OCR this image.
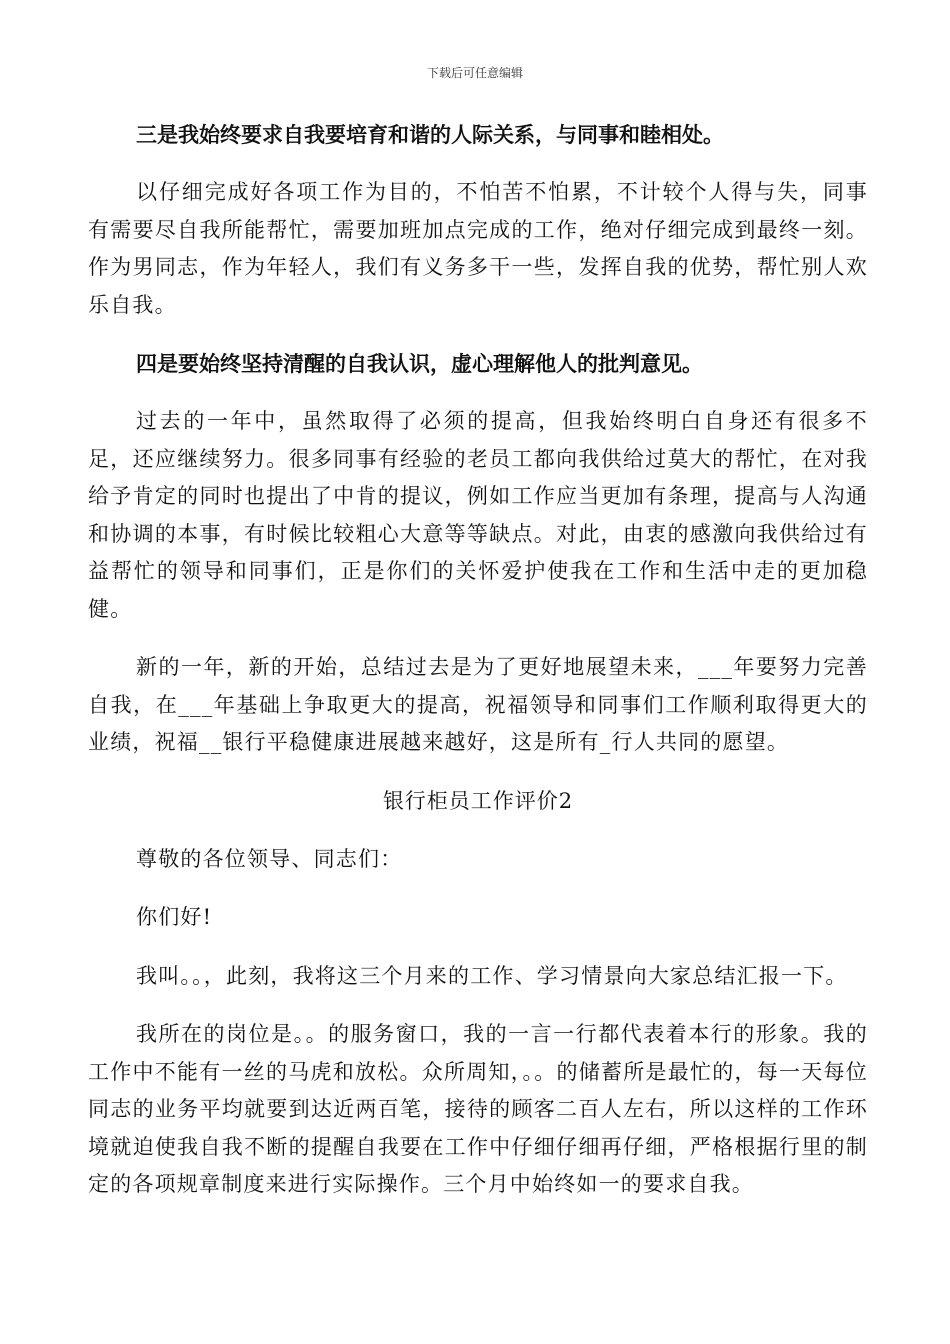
下载后可任意编辑
三是我始终要求自我要培育和谐的人际关系，与同事和睦相处。
以仔细完成好各项工作为目的，不怕苦不怕累，不计较个人得与失，同事有需要尽自我所能帮忙，需要加班加点完成的工作，绝对仔细完成到最终一刻。作为男同志，作为年轻人，我们有义务多干一些，发挥自我的优势，帮忙别人欢乐自我。
四是要始终坚持清醒的自我认识，虚心理解他人的批判意见。
过去的一年中，虽然取得了必须的提高，但我始终明白自身还有很多不足，还应继续努力。很多同事有经验的老员工都向我供给过莫大的帮忙，在对我给予肯定的同时也提出了中肯的提议，例如工作应当更加有条理，提高与人沟通和协调的本事，有时候比较粗心大意等等缺点。对此，由衷的感激向我供给过有益帮忙的领导和同事们，正是你们的关怀爱护使我在工作和生活中走的更加稳健。
新的一年，新的开始，总结过去是为了更好地展望未来，___年要努力完善自我，在___年基础上争取更大的提高，祝福领导和同事们工作顺利取得更大的业绩，祝福__银行平稳健康进展越来越好，这是所有_行人共同的愿望。
银行柜员工作评价2
尊敬的各位领导、同志们：
你们好!
我叫。。，此刻，我将这三个月来的工作、学习情景向大家总结汇报一下。
我所在的岗位是。。的服务窗口，我的一言一行都代表着本行的形象。我的工作中不能有一丝的马虎和放松。众所周知，。。的储蓄所是最忙的，每一天每位同志的业务平均就要到达近两百笔，接待的顾客二百人左右，所以这样的工作环境就迫使我自我不断的提醒自我要在工作中仔细仔细再仔细，严格根据行里的制定的各项规章制度来进行实际操作。三个月中始终如一的要求自我。
